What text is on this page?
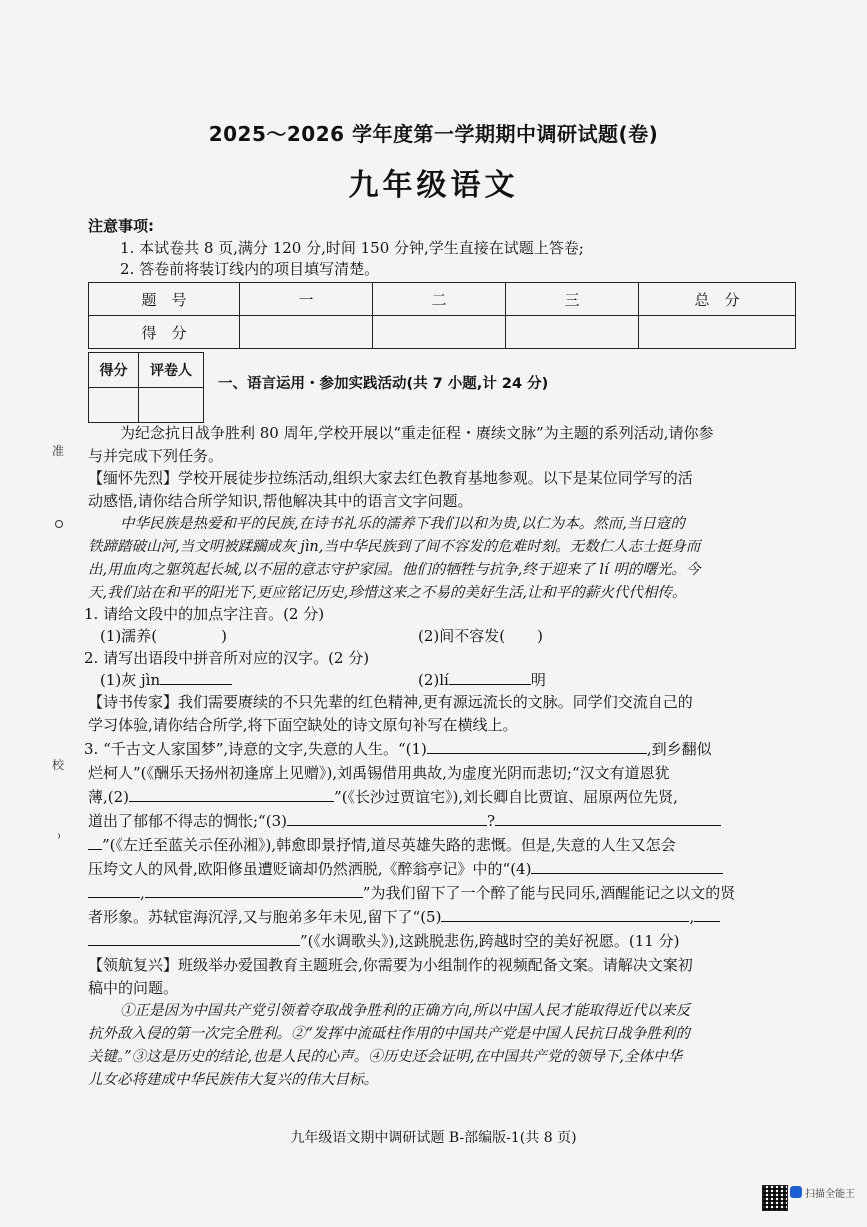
2025～2026 学年度第一学期期中调研试题(卷)
九年级语文
注意事项:
1. 本试卷共 8 页,满分 120 分,时间 150 分钟,学生直接在试题上答卷;
2. 答卷前将装订线内的项目填写清楚。
题　号	一	二	三	总　分
得　分				
得分	评卷人

一、语言运用・参加实践活动(共 7 小题,计 24 分)
为纪念抗日战争胜利 80 周年,学校开展以“重走征程・赓续文脉”为主题的系列活动,请你参
与并完成下列任务。
【缅怀先烈】学校开展徒步拉练活动,组织大家去红色教育基地参观。以下是某位同学写的活
动感悟,请你结合所学知识,帮他解决其中的语言文字问题。
中华民族是热爱和平的民族,在诗书礼乐的濡养下我们以和为贵,以仁为本。然而,当日寇的
铁蹄踏破山河,当文明被蹂躏成灰 jìn,当中华民族到了间不容发的危难时刻。无数仁人志士挺身而
出,用血肉之躯筑起长城,以不屈的意志守护家园。他们的牺牲与抗争,终于迎来了 lí 明的曙光。今
天,我们站在和平的阳光下,更应铭记历史,珍惜这来之不易的美好生活,让和平的薪火代代相传。
1. 请给文段中的加点字注音。(2 分)
(1)濡养(	)	(2)间不容发( )
2. 请写出语段中拼音所对应的汉字。(2 分)
(1)灰 jìn	(2)lí	明
【诗书传家】我们需要赓续的不只先辈的红色精神,更有源远流长的文脉。同学们交流自己的
学习体验,请你结合所学,将下面空缺处的诗文原句补写在横线上。
3. “千古文人家国梦”,诗意的文字,失意的人生。“(1)	,到乡翻似
烂柯人”(《酬乐天扬州初逢席上见赠》),刘禹锡借用典故,为虚度光阴而悲切;“汉文有道恩犹
薄,(2)	”(《长沙过贾谊宅》),刘长卿自比贾谊、屈原两位先贤,
道出了郁郁不得志的惆怅;“(3)	?
”(《左迁至蓝关示侄孙湘》),韩愈即景抒情,道尽英雄失路的悲慨。但是,失意的人生又怎会
压垮文人的风骨,欧阳修虽遭贬谪却仍然洒脱,《醉翁亭记》中的“(4)
,	”为我们留下了一个醉了能与民同乐,酒醒能记之以文的贤
者形象。苏轼宦海沉浮,又与胞弟多年未见,留下了“(5)	,
”(《水调歌头》),这跳脱悲伤,跨越时空的美好祝愿。(11 分)
【领航复兴】班级举办爱国教育主题班会,你需要为小组制作的视频配备文案。请解决文案初
稿中的问题。
①正是因为中国共产党引领着夺取战争胜利的正确方向,所以中国人民才能取得近代以来反
抗外敌入侵的第一次完全胜利。②“发挥中流砥柱作用的中国共产党是中国人民抗日战争胜利的
关键。”③这是历史的结论,也是人民的心声。④历史还会证明,在中国共产党的领导下,全体中华
儿女必将建成中华民族伟大复兴的伟大目标。
九年级语文期中调研试题 B-部编版-1(共 8 页)
准
校
扫描全能王
